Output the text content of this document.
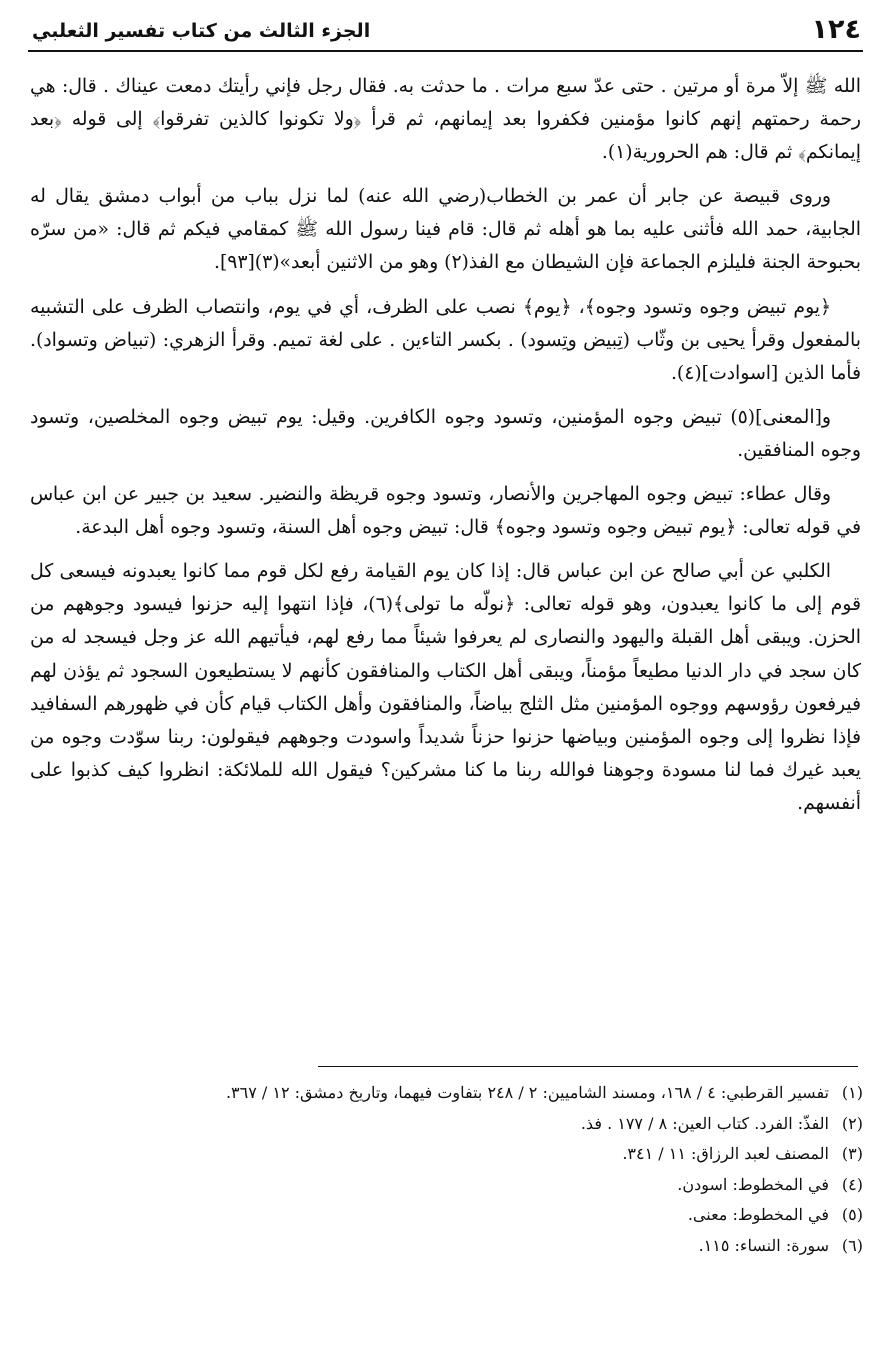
١٢٤
الجزء الثالث من كتاب تفسير الثعلبي

الله ﷺ إلاّ مرة أو مرتين . حتى عدّ سبع مرات . ما حدثت به. فقال رجل فإني رأيتك دمعت عيناك . قال: هي رحمة رحمتهم إنهم كانوا مؤمنين فكفروا بعد إيمانهم، ثم قرأ ﴿ولا تكونوا كالذين تفرقوا﴾ إلى قوله ﴿بعد إيمانكم﴾ ثم قال: هم الحرورية(١).

وروى قبيصة عن جابر أن عمر بن الخطاب(رضي الله عنه) لما نزل بباب من أبواب دمشق يقال له الجابية، حمد الله فأثنى عليه بما هو أهله ثم قال: قام فينا رسول الله ﷺ كمقامي فيكم ثم قال: «من سرّه بحبوحة الجنة فليلزم الجماعة فإن الشيطان مع الفذ(٢) وهو من الاثنين أبعد»(٣)[٩٣].

﴿يوم تبيض وجوه وتسود وجوه﴾، ﴿يوم﴾ نصب على الظرف، أي في يوم، وانتصاب الظرف على التشبيه بالمفعول وقرأ يحيى بن وثّاب (تِبيض وتِسود) . بكسر التاءين . على لغة تميم. وقرأ الزهري: (تبياض وتسواد). فأما الذين [اسوادت](٤).

و[المعنى](٥) تبيض وجوه المؤمنين، وتسود وجوه الكافرين. وقيل: يوم تبيض وجوه المخلصين، وتسود وجوه المنافقين.

وقال عطاء: تبيض وجوه المهاجرين والأنصار، وتسود وجوه قريظة والنضير. سعيد بن جبير عن ابن عباس في قوله تعالى: ﴿يوم تبيض وجوه وتسود وجوه﴾ قال: تبيض وجوه أهل السنة، وتسود وجوه أهل البدعة.

الكلبي عن أبي صالح عن ابن عباس قال: إذا كان يوم القيامة رفع لكل قوم مما كانوا يعبدونه فيسعى كل قوم إلى ما كانوا يعبدون، وهو قوله تعالى: ﴿نولّه ما تولى﴾(٦)، فإذا انتهوا إليه حزنوا فيسود وجوههم من الحزن. ويبقى أهل القبلة واليهود والنصارى لم يعرفوا شيئاً مما رفع لهم، فيأتيهم الله عز وجل فيسجد له من كان سجد في دار الدنيا مطيعاً مؤمناً، ويبقى أهل الكتاب والمنافقون كأنهم لا يستطيعون السجود ثم يؤذن لهم فيرفعون رؤوسهم ووجوه المؤمنين مثل الثلج بياضاً، والمنافقون وأهل الكتاب قيام كأن في ظهورهم السفافيد فإذا نظروا إلى وجوه المؤمنين وبياضها حزنوا حزناً شديداً واسودت وجوههم فيقولون: ربنا سوّدت وجوه من يعبد غيرك فما لنا مسودة وجوهنا فوالله ربنا ما كنا مشركين؟ فيقول الله للملائكة: انظروا كيف كذبوا على أنفسهم.

(١)تفسير القرطبي: ٤ / ١٦٨، ومسند الشاميين: ٢ / ٢٤٨ بتفاوت فيهما، وتاريخ دمشق: ١٢ / ٣٦٧.
(٢)الفذّ: الفرد. كتاب العين: ٨ / ١٧٧ . فذ.
(٣)المصنف لعبد الرزاق: ١١ / ٣٤١.
(٤)في المخطوط: اسودن.
(٥)في المخطوط: معنى.
(٦)سورة: النساء: ١١٥.
